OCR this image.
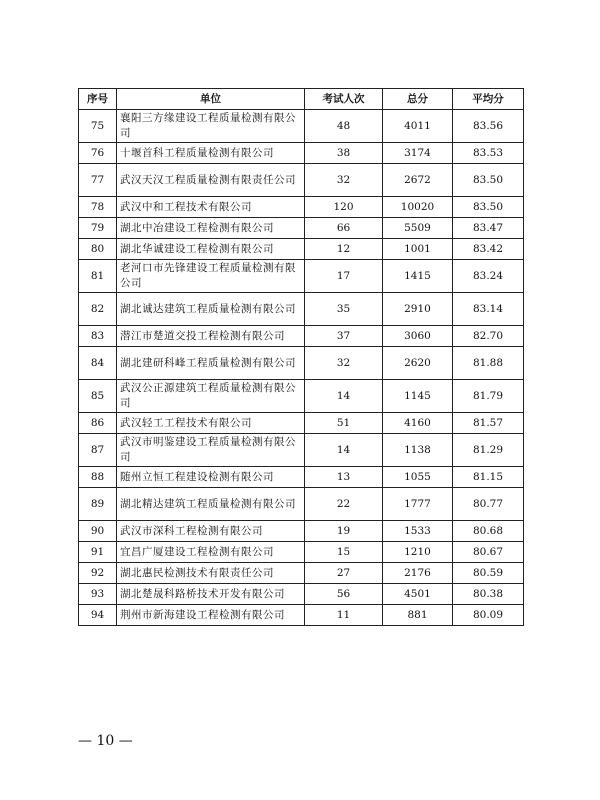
序号	单位	考试人次	总分	平均分
75	襄阳三方缘建设工程质量检测有限公司	48	4011	83.56
76	十堰首科工程质量检测有限公司	38	3174	83.53
77	武汉天汉工程质量检测有限责任公司	32	2672	83.50
78	武汉中和工程技术有限公司	120	10020	83.50
79	湖北中冶建设工程检测有限公司	66	5509	83.47
80	湖北华诚建设工程检测有限公司	12	1001	83.42
81	老河口市先锋建设工程质量检测有限公司	17	1415	83.24
82	湖北诚达建筑工程质量检测有限公司	35	2910	83.14
83	潜江市楚道交投工程检测有限公司	37	3060	82.70
84	湖北建研科峰工程质量检测有限公司	32	2620	81.88
85	武汉公正源建筑工程质量检测有限公司	14	1145	81.79
86	武汉轻工工程技术有限公司	51	4160	81.57
87	武汉市明鉴建设工程质量检测有限公司	14	1138	81.29
88	随州立恒工程建设检测有限公司	13	1055	81.15
89	湖北精达建筑工程质量检测有限公司	22	1777	80.77
90	武汉市深科工程检测有限公司	19	1533	80.68
91	宜昌广厦建设工程检测有限公司	15	1210	80.67
92	湖北惠民检测技术有限责任公司	27	2176	80.59
93	湖北楚晟科路桥技术开发有限公司	56	4501	80.38
94	荆州市新海建设工程检测有限公司	11	881	80.09
— 10 —
